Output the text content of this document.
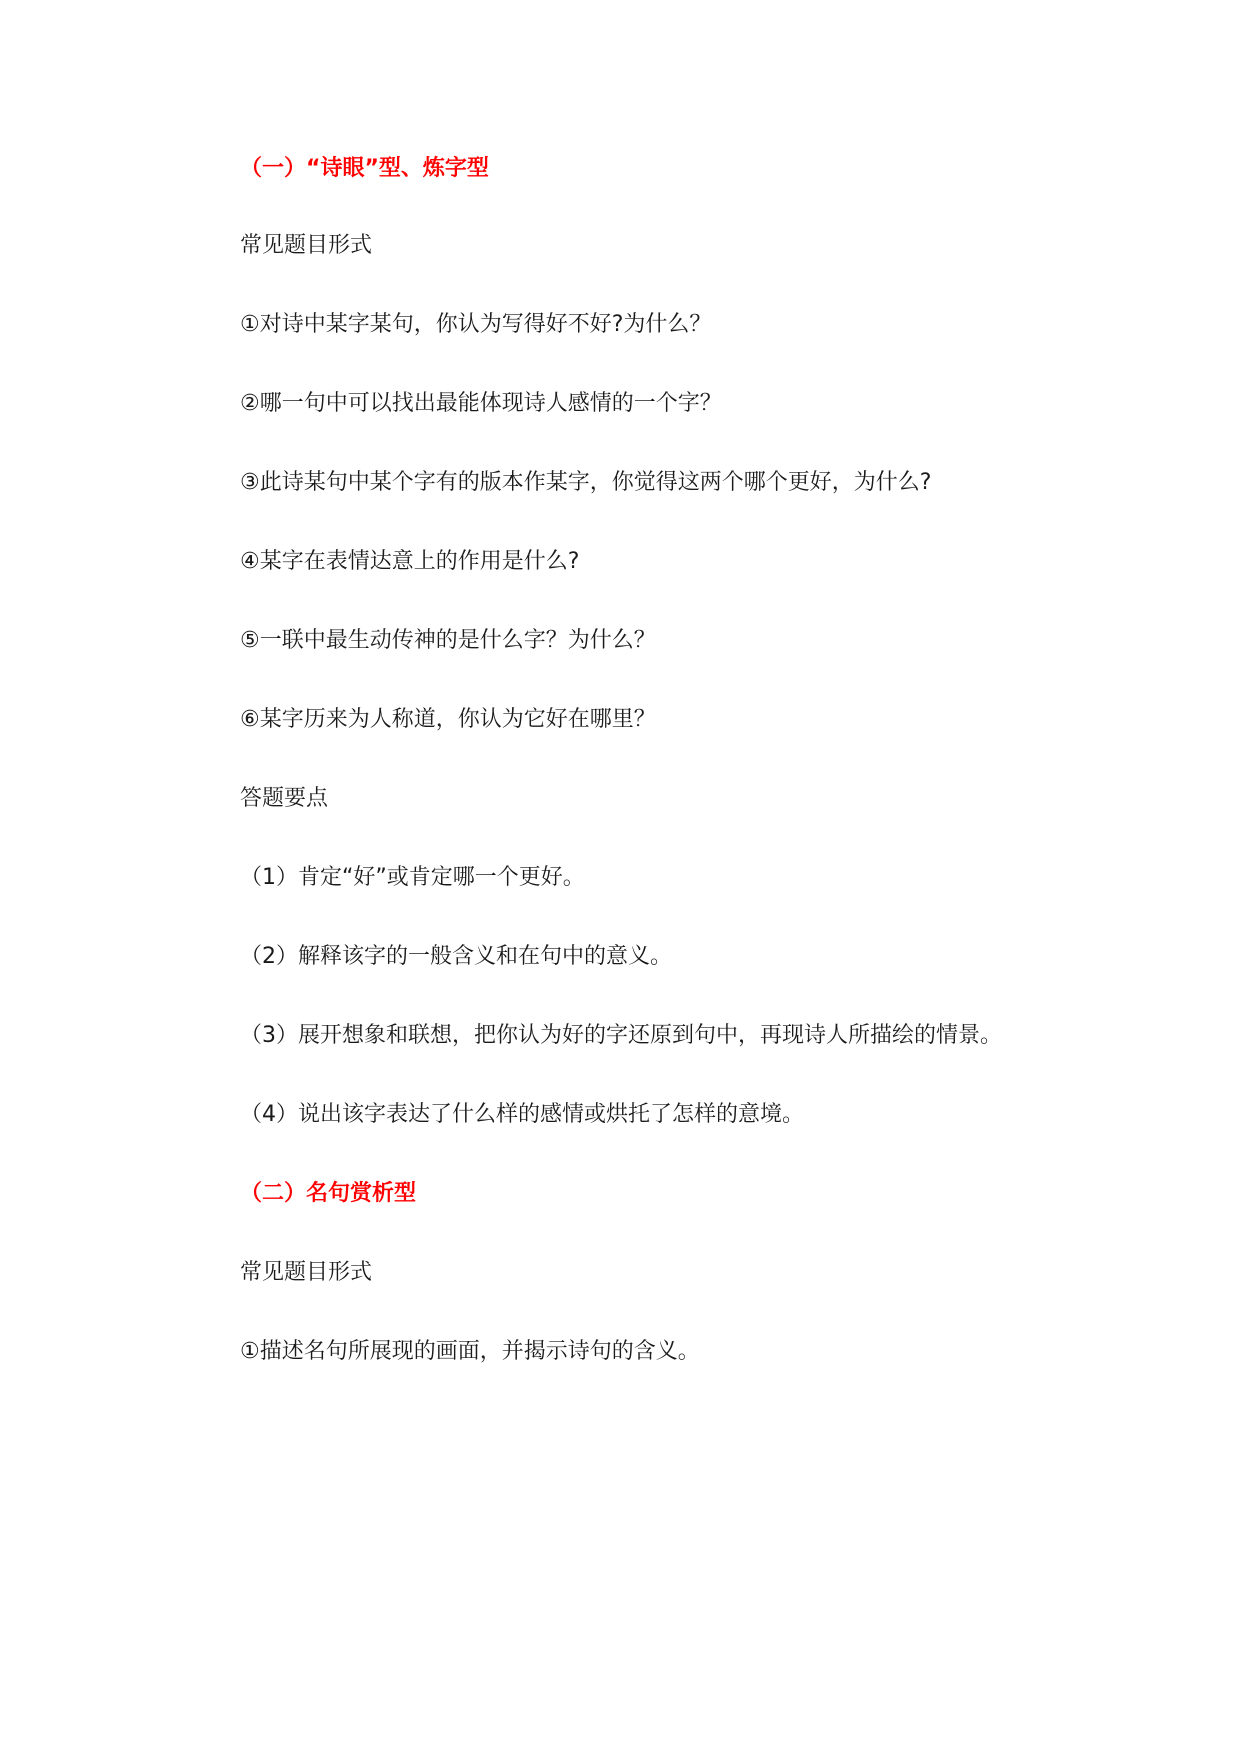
（一）“诗眼”型、炼字型
常见题目形式
①对诗中某字某句，你认为写得好不好?为什么？
②哪一句中可以找出最能体现诗人感情的一个字？
③此诗某句中某个字有的版本作某字，你觉得这两个哪个更好，为什么?
④某字在表情达意上的作用是什么?
⑤一联中最生动传神的是什么字？为什么？
⑥某字历来为人称道，你认为它好在哪里？
答题要点
（1）肯定“好”或肯定哪一个更好。
（2）解释该字的一般含义和在句中的意义。
（3）展开想象和联想，把你认为好的字还原到句中，再现诗人所描绘的情景。
（4）说出该字表达了什么样的感情或烘托了怎样的意境。
（二）名句赏析型
常见题目形式
①描述名句所展现的画面，并揭示诗句的含义。
